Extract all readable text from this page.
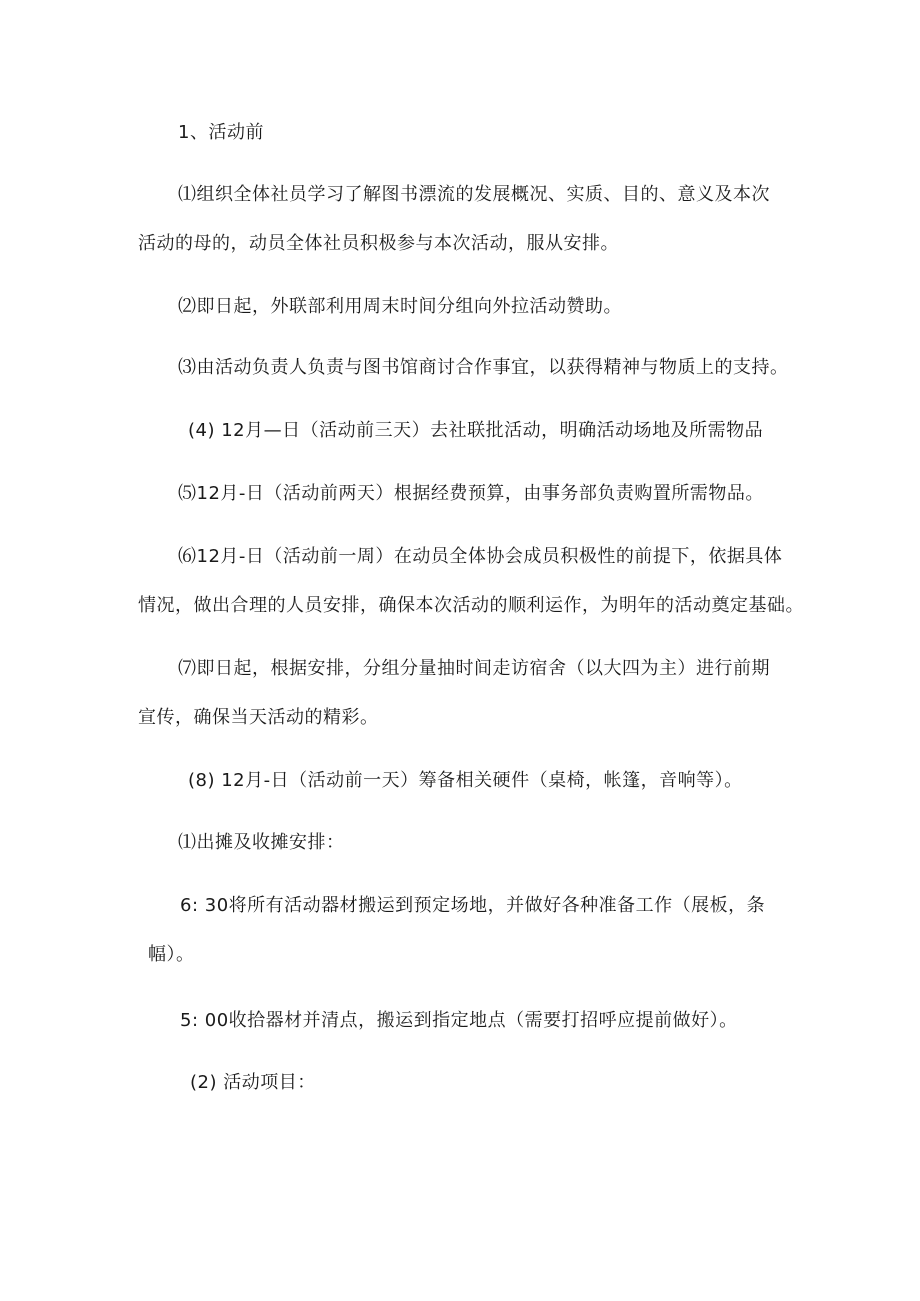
1、活动前
⑴组织全体社员学习了解图书漂流的发展概况、实质、目的、意义及本次
活动的母的，动员全体社员积极参与本次活动，服从安排。
⑵即日起，外联部利用周末时间分组向外拉活动赞助。
⑶由活动负责人负责与图书馆商讨合作事宜，以获得精神与物质上的支持。
(4) 12月—日（活动前三天）去社联批活动，明确活动场地及所需物品
⑸12月-日（活动前两天）根据经费预算，由事务部负责购置所需物品。
⑹12月-日（活动前一周）在动员全体协会成员积极性的前提下，依据具体
情况，做出合理的人员安排，确保本次活动的顺利运作，为明年的活动奠定基础。
⑺即日起，根据安排，分组分量抽时间走访宿舍（以大四为主）进行前期
宣传，确保当天活动的精彩。
(8) 12月-日（活动前一天）筹备相关硬件（桌椅，帐篷，音响等）。
⑴出摊及收摊安排：
6: 30将所有活动器材搬运到预定场地，并做好各种准备工作（展板，条
幅）。
5: 00收拾器材并清点，搬运到指定地点（需要打招呼应提前做好）。
(2) 活动项目：
